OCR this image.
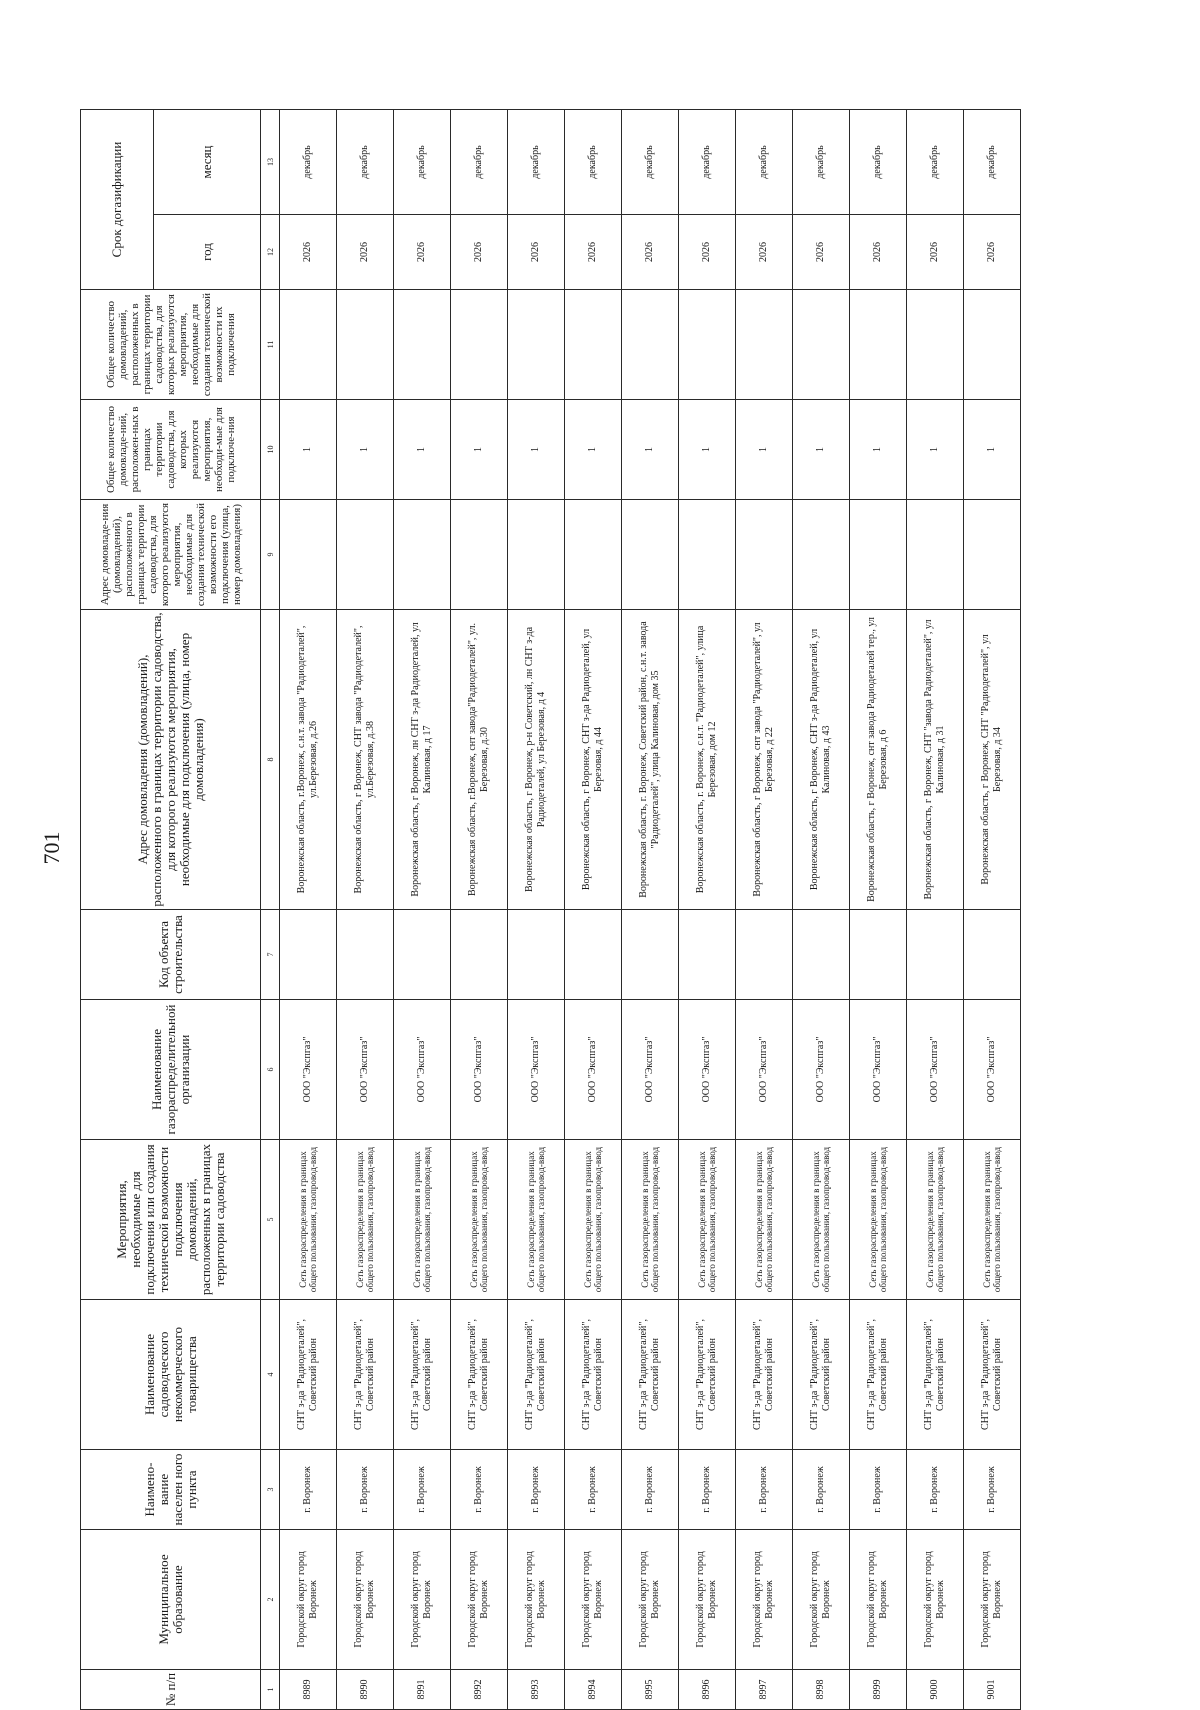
701
№ п/п	Муниципальное образование	Наимено-вание населен ного пункта	Наименование садоводческого некоммерческого товарищества	Мероприятия, необходимые для подключения или создания технической возможности подключения домовладений, расположенных в границах территории садоводства	Наименование газораспределительной организации	Код объекта строительства	Адрес домовладения (домовладений), расположенного в границах территории садоводства, для которого реализуются мероприятия, необходимые для подключения (улица, номер домовладения)	Адрес домовладе-ния (домовладений), расположенного в границах территории садоводства, для которого реализуются мероприятия, необходимые для создания технической возможности его подключения (улица, номер домовладения)	Общее количество домовладе-ний, расположен-ных в границах территории садоводства, для которых реализуются мероприятия, необходи-мые для подключе-ния	Общее количество домовладений, расположенных в границах территории садоводства, для которых реализуются мероприятия, необходимые для создания технической возможности их подключения	Срок догазификации	
											год	месяц
1	2	3	4	5	6	7	8	9	10	11	12	13
8989	Городской округ город Воронеж	г. Воронеж	СНТ з-да "Радиодеталей", Советский район	Сеть газораспределения в границах общего пользования, газопровод-ввод	ООО "Экспгаз"		Воронежская область, г.Воронеж, с.н.т. завода "Радиодеталей", ул.Березовая, д.26		1		2026	декабрь
8990	Городской округ город Воронеж	г. Воронеж	СНТ з-да "Радиодеталей", Советский район	Сеть газораспределения в границах общего пользования, газопровод-ввод	ООО "Экспгаз"		Воронежская область, г Воронеж, СНТ завода "Радиодеталей", ул.Березовая, д.38		1		2026	декабрь
8991	Городской округ город Воронеж	г. Воронеж	СНТ з-да "Радиодеталей", Советский район	Сеть газораспределения в границах общего пользования, газопровод-ввод	ООО "Экспгаз"		Воронежская область, г Воронеж, лн СНТ з-да Радиодеталей, ул Калиновая, д 17		1		2026	декабрь
8992	Городской округ город Воронеж	г. Воронеж	СНТ з-да "Радиодеталей", Советский район	Сеть газораспределения в границах общего пользования, газопровод-ввод	ООО "Экспгаз"		Воронежская область, г.Воронеж, снт завода"Радиодеталей", ул. Березовая, д.30		1		2026	декабрь
8993	Городской округ город Воронеж	г. Воронеж	СНТ з-да "Радиодеталей", Советский район	Сеть газораспределения в границах общего пользования, газопровод-ввод	ООО "Экспгаз"		Воронежская область, г Воронеж, р-н Советский, лн СНТ з-да Радиодеталей, ул Березовая, д 4		1		2026	декабрь
8994	Городской округ город Воронеж	г. Воронеж	СНТ з-да "Радиодеталей", Советский район	Сеть газораспределения в границах общего пользования, газопровод-ввод	ООО "Экспгаз"		Воронежская область, г Воронеж, СНТ з-да Радиодеталей, ул Березовая, д 44		1		2026	декабрь
8995	Городской округ город Воронеж	г. Воронеж	СНТ з-да "Радиодеталей", Советский район	Сеть газораспределения в границах общего пользования, газопровод-ввод	ООО "Экспгаз"		Воронежская область, г. Воронеж, Советский район, с.н.т. завода "Радиодеталей", улица Калиновая, дом 35		1		2026	декабрь
8996	Городской округ город Воронеж	г. Воронеж	СНТ з-да "Радиодеталей", Советский район	Сеть газораспределения в границах общего пользования, газопровод-ввод	ООО "Экспгаз"		Воронежская область, г. Воронеж, с.н.т. "Радиодеталей", улица Березовая, дом 12		1		2026	декабрь
8997	Городской округ город Воронеж	г. Воронеж	СНТ з-да "Радиодеталей", Советский район	Сеть газораспределения в границах общего пользования, газопровод-ввод	ООО "Экспгаз"		Воронежская область, г Воронеж, снт завода "Радиодеталей", ул Березовая, д 22		1		2026	декабрь
8998	Городской округ город Воронеж	г. Воронеж	СНТ з-да "Радиодеталей", Советский район	Сеть газораспределения в границах общего пользования, газопровод-ввод	ООО "Экспгаз"		Воронежская область, г Воронеж, СНТ з-да Радиодеталей, ул Калиновая, д 43		1		2026	декабрь
8999	Городской округ город Воронеж	г. Воронеж	СНТ з-да "Радиодеталей", Советский район	Сеть газораспределения в границах общего пользования, газопровод-ввод	ООО "Экспгаз"		Воронежская область, г Воронеж, снт завода Радиодеталей тер., ул Березовая, д 6		1		2026	декабрь
9000	Городской округ город Воронеж	г. Воронеж	СНТ з-да "Радиодеталей", Советский район	Сеть газораспределения в границах общего пользования, газопровод-ввод	ООО "Экспгаз"		Воронежская область, г Воронеж, СНТ "завода Радиодеталей", ул Калиновая, д 31		1		2026	декабрь
9001	Городской округ город Воронеж	г. Воронеж	СНТ з-да "Радиодеталей", Советский район	Сеть газораспределения в границах общего пользования, газопровод-ввод	ООО "Экспгаз"		Воронежская область, г Воронеж, СНТ "Радиодеталей", ул Березовая, д 34		1		2026	декабрь
